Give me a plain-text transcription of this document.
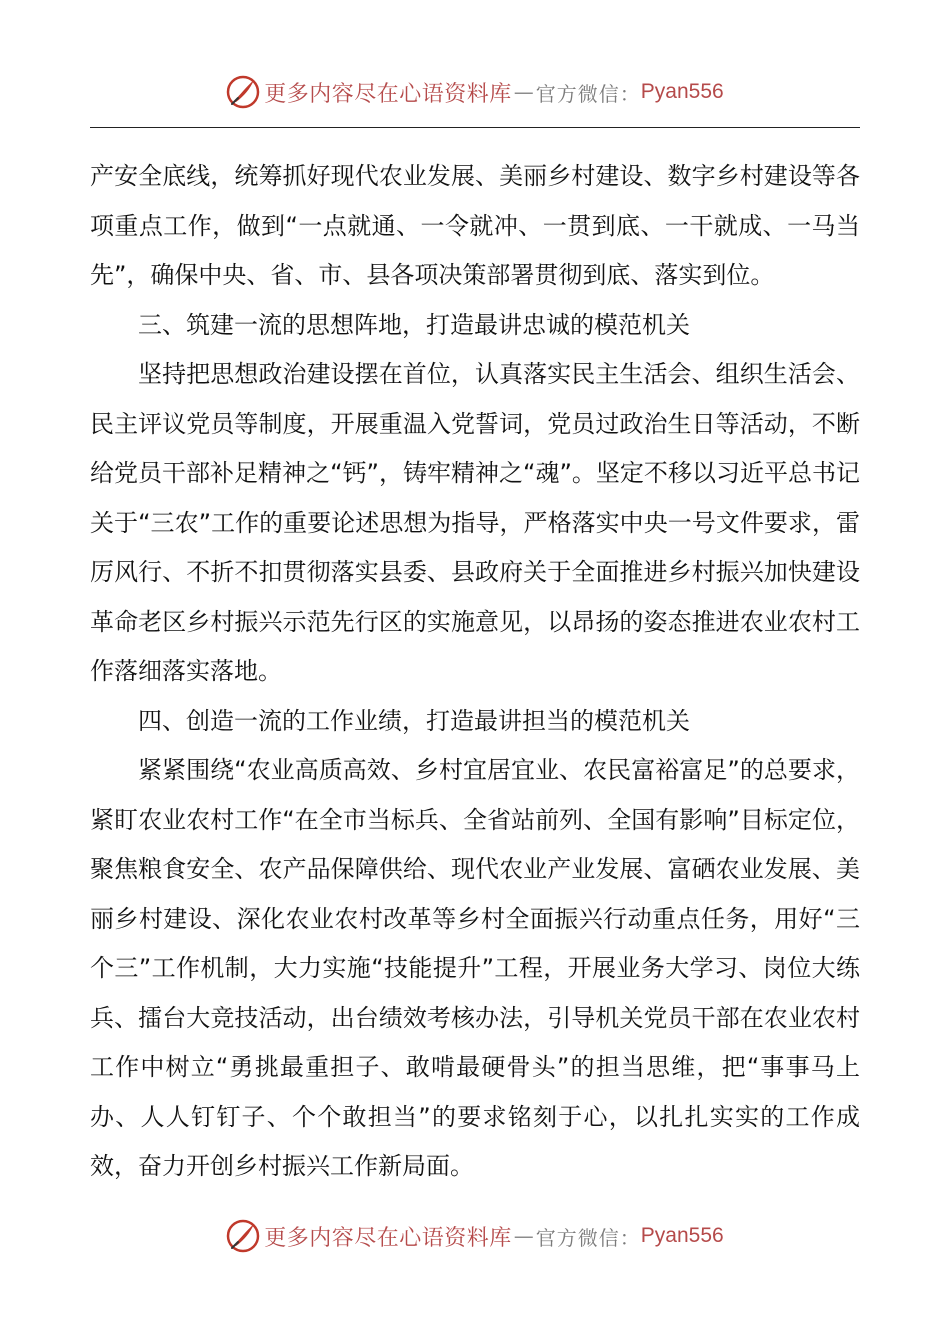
更多内容尽在心语资料库 — 官方微信： Pyan556

产安全底线，统筹抓好现代农业发展、美丽乡村建设、数字乡村建设等各项重点工作，做到“一点就通、一令就冲、一贯到底、一干就成、一马当先”，确保中央、省、市、县各项决策部署贯彻到底、落实到位。

三、筑建一流的思想阵地，打造最讲忠诚的模范机关

坚持把思想政治建设摆在首位，认真落实民主生活会、组织生活会、民主评议党员等制度，开展重温入党誓词，党员过政治生日等活动，不断给党员干部补足精神之“钙”，铸牢精神之“魂”。坚定不移以习近平总书记关于“三农”工作的重要论述思想为指导，严格落实中央一号文件要求，雷厉风行、不折不扣贯彻落实县委、县政府关于全面推进乡村振兴加快建设革命老区乡村振兴示范先行区的实施意见，以昂扬的姿态推进农业农村工作落细落实落地。

四、创造一流的工作业绩，打造最讲担当的模范机关

紧紧围绕“农业高质高效、乡村宜居宜业、农民富裕富足”的总要求，紧盯农业农村工作“在全市当标兵、全省站前列、全国有影响”目标定位，聚焦粮食安全、农产品保障供给、现代农业产业发展、富硒农业发展、美丽乡村建设、深化农业农村改革等乡村全面振兴行动重点任务，用好“三个三”工作机制，大力实施“技能提升”工程，开展业务大学习、岗位大练兵、擂台大竞技活动，出台绩效考核办法，引导机关党员干部在农业农村工作中树立“勇挑最重担子、敢啃最硬骨头”的担当思维，把“事事马上办、人人钉钉子、个个敢担当”的要求铭刻于心，以扎扎实实的工作成效，奋力开创乡村振兴工作新局面。

更多内容尽在心语资料库 — 官方微信： Pyan556
